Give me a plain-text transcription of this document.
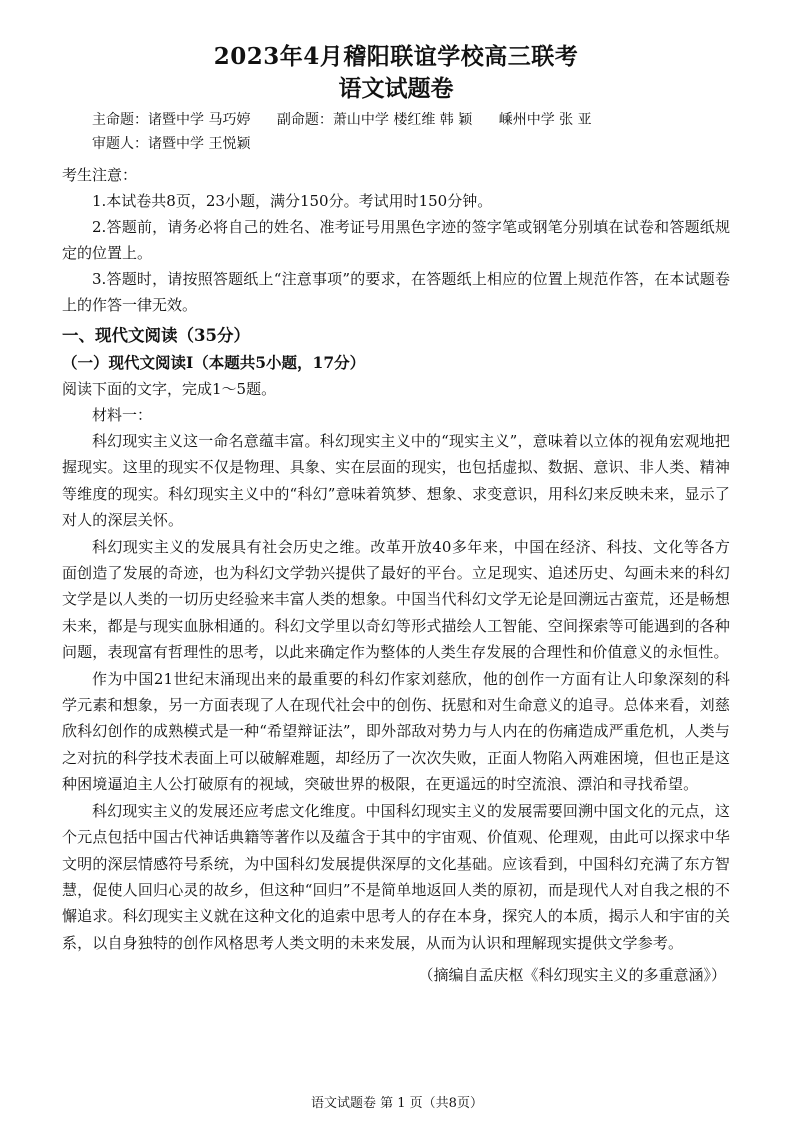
2023年4月稽阳联谊学校高三联考
语文试题卷
主命题：诸暨中学 马巧婷 副命题：萧山中学 楼红维 韩 颖 嵊州中学 张 亚
审题人：诸暨中学 王悦颖
考生注意：

1.本试卷共8页，23小题，满分150分。考试用时150分钟。

2.答题前，请务必将自己的姓名、准考证号用黑色字迹的签字笔或钢笔分别填在试卷和答题纸规定的位置上。

3.答题时，请按照答题纸上“注意事项”的要求，在答题纸上相应的位置上规范作答，在本试题卷上的作答一律无效。

一、现代文阅读（35分）
（一）现代文阅读Ⅰ（本题共5小题，17分）
阅读下面的文字，完成1～5题。
材料一：

科幻现实主义这一命名意蕴丰富。科幻现实主义中的“现实主义”，意味着以立体的视角宏观地把握现实。这里的现实不仅是物理、具象、实在层面的现实，也包括虚拟、数据、意识、非人类、精神等维度的现实。科幻现实主义中的“科幻”意味着筑梦、想象、求变意识，用科幻来反映未来，显示了对人的深层关怀。

科幻现实主义的发展具有社会历史之维。改革开放40多年来，中国在经济、科技、文化等各方面创造了发展的奇迹，也为科幻文学勃兴提供了最好的平台。立足现实、追述历史、勾画未来的科幻文学是以人类的一切历史经验来丰富人类的想象。中国当代科幻文学无论是回溯远古蛮荒，还是畅想未来，都是与现实血脉相通的。科幻文学里以奇幻等形式描绘人工智能、空间探索等可能遇到的各种问题，表现富有哲理性的思考，以此来确定作为整体的人类生存发展的合理性和价值意义的永恒性。

作为中国21世纪末涌现出来的最重要的科幻作家刘慈欣，他的创作一方面有让人印象深刻的科学元素和想象，另一方面表现了人在现代社会中的创伤、抚慰和对生命意义的追寻。总体来看，刘慈欣科幻创作的成熟模式是一种“希望辩证法”，即外部敌对势力与人内在的伤痛造成严重危机，人类与之对抗的科学技术表面上可以破解难题，却经历了一次次失败，正面人物陷入两难困境，但也正是这种困境逼迫主人公打破原有的视域，突破世界的极限，在更遥远的时空流浪、漂泊和寻找希望。

科幻现实主义的发展还应考虑文化维度。中国科幻现实主义的发展需要回溯中国文化的元点，这个元点包括中国古代神话典籍等著作以及蕴含于其中的宇宙观、价值观、伦理观，由此可以探求中华文明的深层情感符号系统，为中国科幻发展提供深厚的文化基础。应该看到，中国科幻充满了东方智慧，促使人回归心灵的故乡，但这种“回归”不是简单地返回人类的原初，而是现代人对自我之根的不懈追求。科幻现实主义就在这种文化的追索中思考人的存在本身，探究人的本质，揭示人和宇宙的关系，以自身独特的创作风格思考人类文明的未来发展，从而为认识和理解现实提供文学参考。

（摘编自孟庆枢《科幻现实主义的多重意涵》）
语文试题卷 第 1 页（共8页）
